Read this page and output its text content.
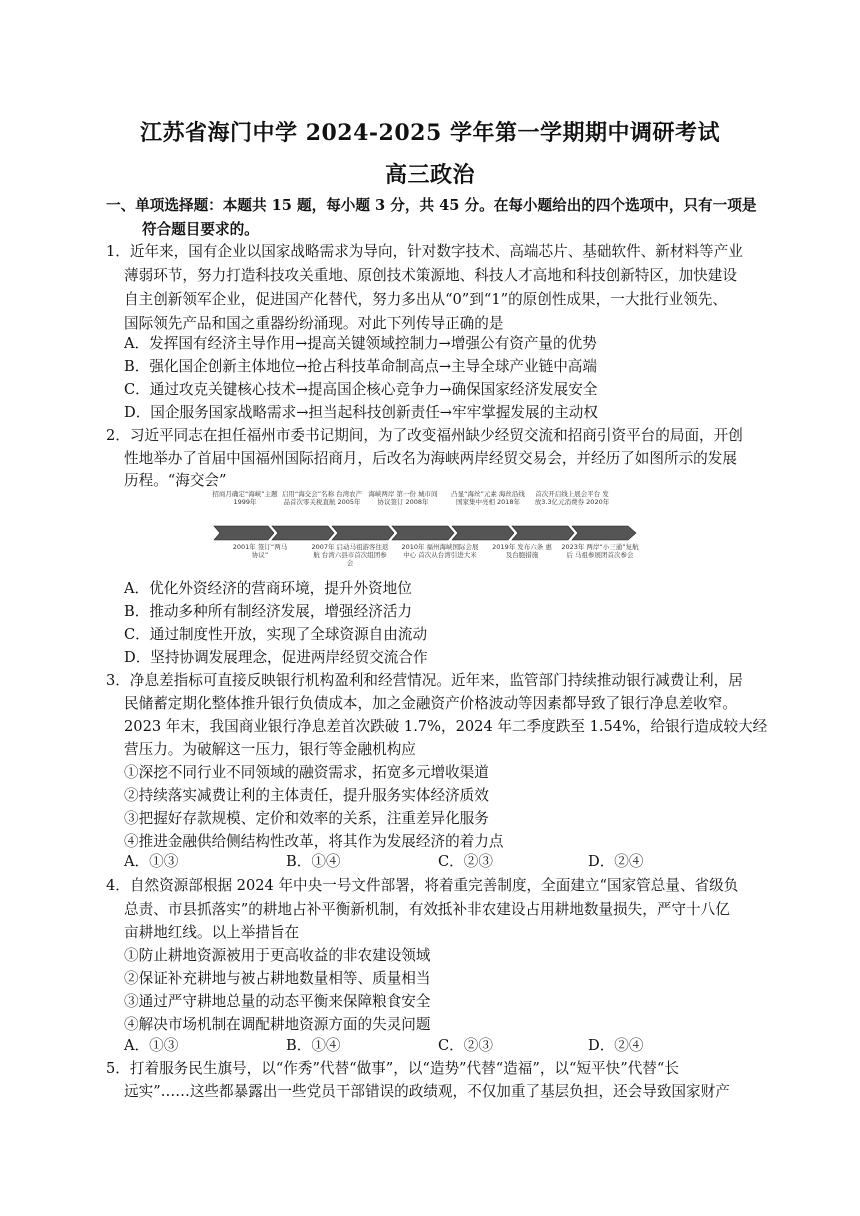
江苏省海门中学 2024-2025 学年第一学期期中调研考试
高三政治
一、单项选择题：本题共 15 题，每小题 3 分，共 45 分。在每小题给出的四个选项中，只有一项是
符合题目要求的。
1．近年来，国有企业以国家战略需求为导向，针对数字技术、高端芯片、基础软件、新材料等产业
薄弱环节，努力打造科技攻关重地、原创技术策源地、科技人才高地和科技创新特区，加快建设
自主创新领军企业，促进国产化替代，努力多出从“0”到“1”的原创性成果，一大批行业领先、
国际领先产品和国之重器纷纷涌现。对此下列传导正确的是
A．发挥国有经济主导作用→提高关键领域控制力→增强公有资产量的优势
B．强化国企创新主体地位→抢占科技革命制高点→主导全球产业链中高端
C．通过攻克关键核心技术→提高国企核心竞争力→确保国家经济发展安全
D．国企服务国家战略需求→担当起科技创新责任→牢牢掌握发展的主动权
2．习近平同志在担任福州市委书记期间，为了改变福州缺少经贸交流和招商引资平台的局面，开创
性地举办了首届中国福州国际招商月，后改名为海峡两岸经贸交易会，并经历了如图所示的发展
历程。“海交会”
招商月确定“海峡”主题 1999年
启用“海交会”名称 台湾农产品首次零关税直航 2005年
海峡两岸 第一份 城市间协议签订 2008年
凸显“海丝”元素 海丝沿线国家集中亮相 2018年
首次开启线上展会平台 发放3.3亿元消费券 2020年
2001年 签订“两马协议”
2007年 启动马祖游客往返航 台湾六县市首次组团参会
2010年 福州海峡国际会展中心 首次从台湾引进大米
2019年 发布六条 惠及台胞措施
2023年 两岸“小三通”复航后 马祖参展团首次参会
A．优化外资经济的营商环境，提升外资地位
B．推动多种所有制经济发展，增强经济活力
C．通过制度性开放，实现了全球资源自由流动
D．坚持协调发展理念，促进两岸经贸交流合作
3．净息差指标可直接反映银行机构盈利和经营情况。近年来，监管部门持续推动银行减费让利，居
民储蓄定期化整体推升银行负债成本，加之金融资产价格波动等因素都导致了银行净息差收窄。
2023 年末，我国商业银行净息差首次跌破 1.7%，2024 年二季度跌至 1.54%，给银行造成较大经
营压力。为破解这一压力，银行等金融机构应
①深挖不同行业不同领域的融资需求，拓宽多元增收渠道
②持续落实减费让利的主体责任，提升服务实体经济质效
③把握好存款规模、定价和效率的关系，注重差异化服务
④推进金融供给侧结构性改革，将其作为发展经济的着力点
A．①③	B．①④	C．②③	D．②④
4．自然资源部根据 2024 年中央一号文件部署，将着重完善制度，全面建立“国家管总量、省级负
总责、市县抓落实”的耕地占补平衡新机制，有效抵补非农建设占用耕地数量损失，严守十八亿
亩耕地红线。以上举措旨在
①防止耕地资源被用于更高收益的非农建设领域
②保证补充耕地与被占耕地数量相等、质量相当
③通过严守耕地总量的动态平衡来保障粮食安全
④解决市场机制在调配耕地资源方面的失灵问题
A．①③	B．①④	C．②③	D．②④
5．打着服务民生旗号，以“作秀”代替“做事”，以“造势”代替“造福”，以“短平快”代替“长
远实”……这些都暴露出一些党员干部错误的政绩观，不仅加重了基层负担，还会导致国家财产
